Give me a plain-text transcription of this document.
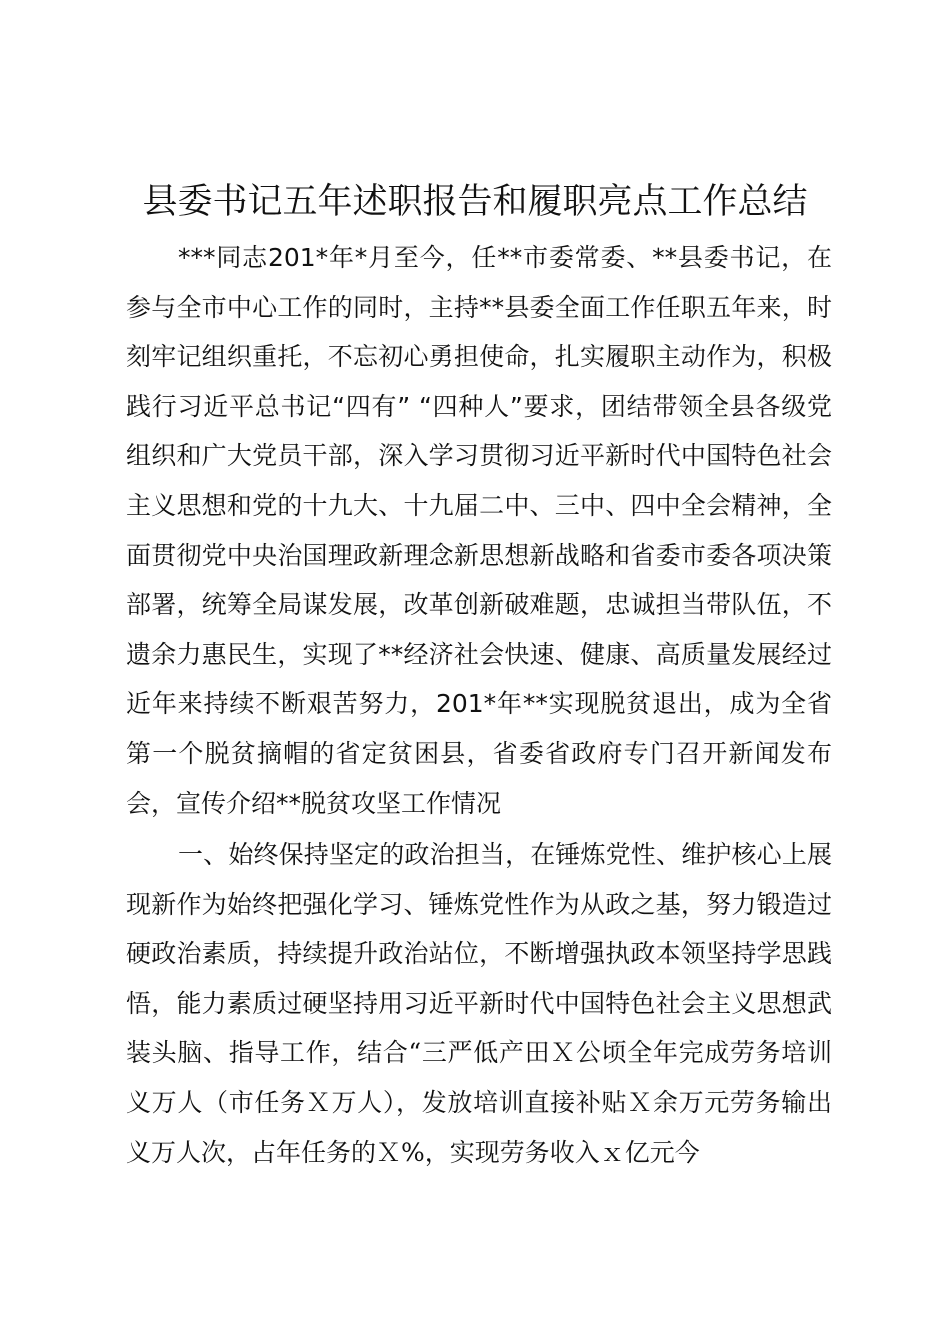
县委书记五年述职报告和履职亮点工作总结

***同志201*年*月至今，任**市委常委、**县委书记，在参与全市中心工作的同时，主持**县委全面工作任职五年来，时刻牢记组织重托，不忘初心勇担使命，扎实履职主动作为，积极践行习近平总书记“四有” “四种人”要求，团结带领全县各级党组织和广大党员干部，深入学习贯彻习近平新时代中国特色社会主义思想和党的十九大、十九届二中、三中、四中全会精神，全面贯彻党中央治国理政新理念新思想新战略和省委市委各项决策部署，统筹全局谋发展，改革创新破难题，忠诚担当带队伍，不遗余力惠民生，实现了**经济社会快速、健康、高质量发展经过近年来持续不断艰苦努力，201*年**实现脱贫退出，成为全省第一个脱贫摘帽的省定贫困县，省委省政府专门召开新闻发布会，宣传介绍**脱贫攻坚工作情况

一、始终保持坚定的政治担当，在锤炼党性、维护核心上展现新作为始终把强化学习、锤炼党性作为从政之基，努力锻造过硬政治素质，持续提升政治站位，不断增强执政本领坚持学思践悟，能力素质过硬坚持用习近平新时代中国特色社会主义思想武装头脑、指导工作，结合“三严低产田Ｘ公顷全年完成劳务培训义万人（市任务Ｘ万人），发放培训直接补贴Ｘ余万元劳务输出义万人次，占年任务的Ｘ%，实现劳务收入ｘ亿元今
